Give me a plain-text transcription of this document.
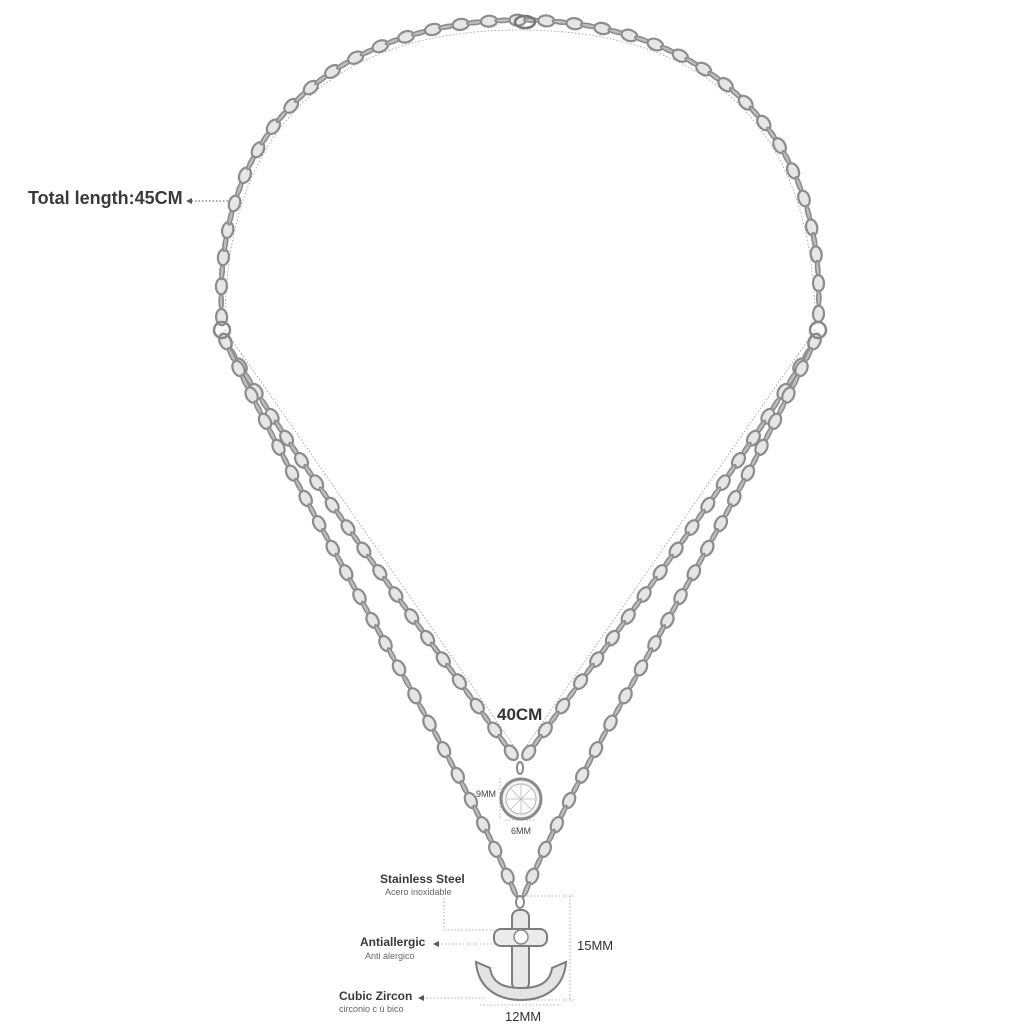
Total length:45CM
40CM
9MM
6MM
15MM
12MM
Stainless Steel
Acero inoxidable
Antiallergic
Anti alergico
Cubic Zircon
circonio c ú bico
